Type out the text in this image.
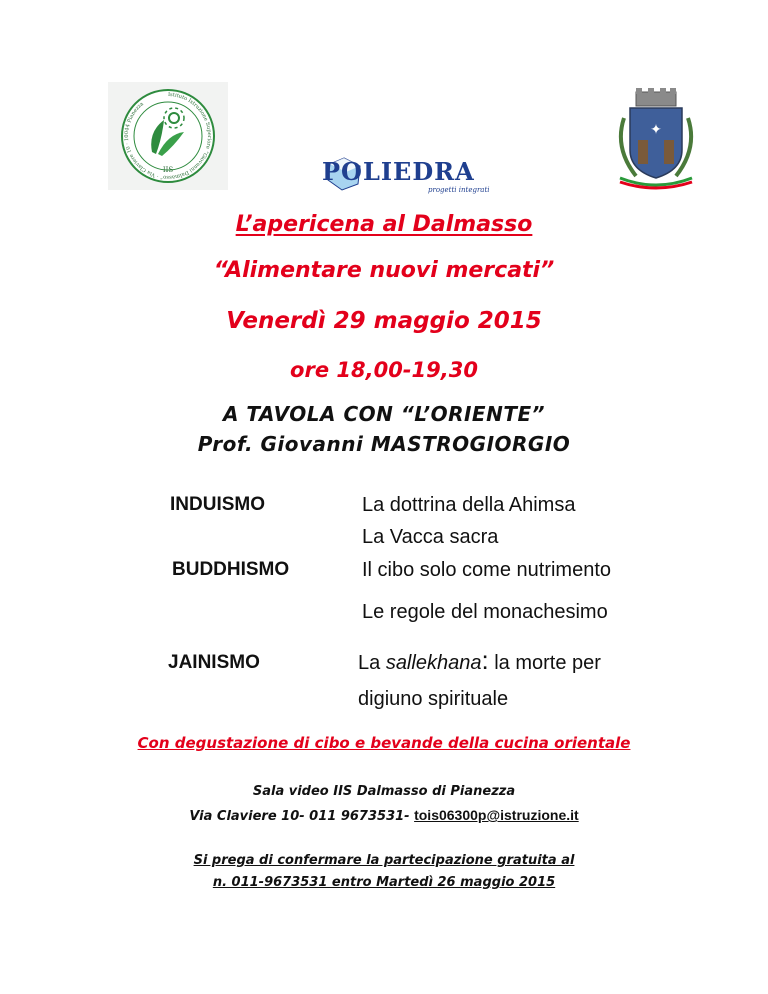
Istituto Istruzione Superiore “Giovanni Dalmasso” · Via Claviere 10 · 10044 Pianezza
IIS	POLIEDRA
progetti integrati
✦
L’apericena al Dalmasso
“Alimentare nuovi mercati”
Venerdì 29 maggio 2015
ore 18,00-19,30
A TAVOLA CON “L’ORIENTE”
Prof. Giovanni MASTROGIORGIO
INDUISMO
BUDDHISMO
JAINISMO
La dottrina della Ahimsa
La Vacca sacra
Il cibo solo come nutrimento
Le regole del monachesimo
La sallekhana: la morte per
digiuno spirituale
Con degustazione di cibo e bevande della cucina orientale
Sala video IIS Dalmasso di Pianezza
Via Claviere 10- 011 9673531- tois06300p@istruzione.it
Si prega di confermare la partecipazione gratuita al
n. 011-9673531 entro Martedì 26 maggio 2015
